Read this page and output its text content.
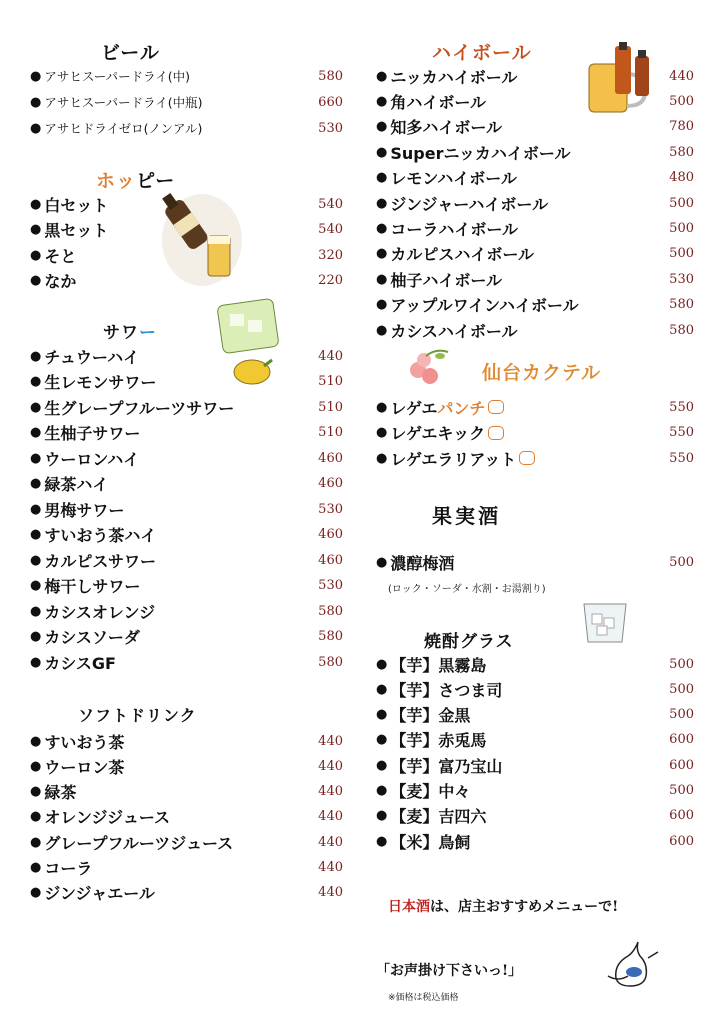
ビール
● アサヒスーパードライ(中)	580
● アサヒスーパードライ(中瓶)	660
● アサヒドライゼロ(ノンアル)	530
ホッピー
● 白セット	540
● 黒セット	540
● そと	320
● なか	220
サワー
● チュウーハイ	440
● 生レモンサワー	510
● 生グレープフルーツサワー	510
● 生柚子サワー	510
● ウーロンハイ	460
● 緑茶ハイ	460
● 男梅サワー	530
● すいおう茶ハイ	460
● カルピスサワー	460
● 梅干しサワー	530
● カシスオレンジ	580
● カシスソーダ	580
● カシスGF	580
ソフトドリンク
● すいおう茶	440
● ウーロン茶	440
● 緑茶	440
● オレンジジュース	440
● グレープフルーツジュース	440
● コーラ	440
● ジンジャエール	440
ハイボール
● ニッカハイボール	440
● 角ハイボール	500
● 知多ハイボール	780
● Superニッカハイボール	580
● レモンハイボール	480
● ジンジャーハイボール	500
● コーラハイボール	500
● カルピスハイボール	500
● 柚子ハイボール	530
● アップルワインハイボール	580
● カシスハイボール	580
仙台カクテル
● レゲエ パンチ	550
● レゲエキック	550
● レゲエラリアット	550
果実酒
● 濃醇梅酒	500
(ロック・ソーダ・水割・お湯割り)
焼酎グラス
● 【芋】黒霧島	500
● 【芋】さつま司	500
● 【芋】金黒	500
● 【芋】赤兎馬	600
● 【芋】富乃宝山	600
● 【麦】中々	500
● 【麦】吉四六	600
● 【米】鳥飼	600
日本酒は、店主おすすめメニューで!
「お声掛け下さいっ!」
※価格は税込価格
